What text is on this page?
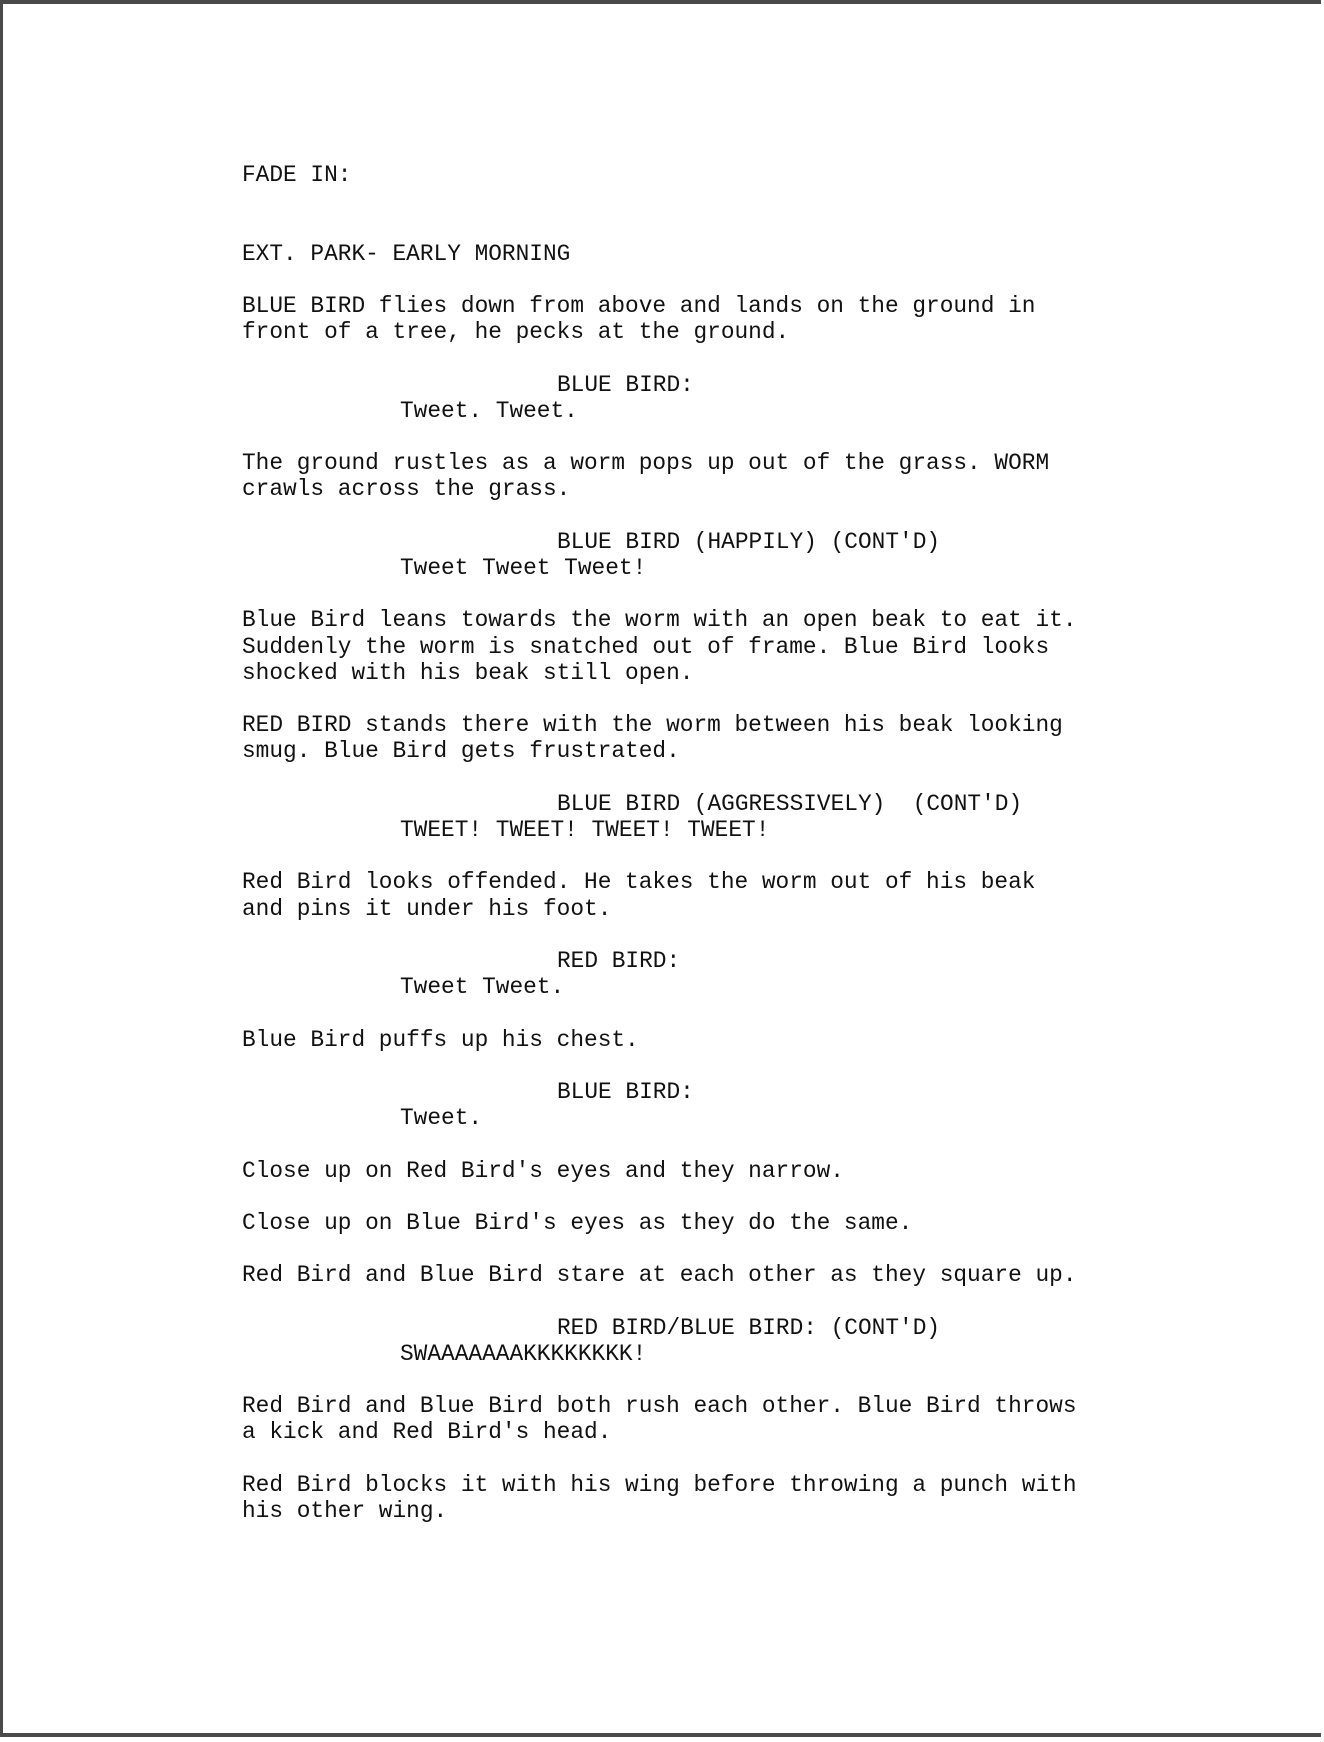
FADE IN:
EXT. PARK- EARLY MORNING
BLUE BIRD flies down from above and lands on the ground in
front of a tree, he pecks at the ground.
BLUE BIRD:
Tweet. Tweet.
The ground rustles as a worm pops up out of the grass. WORM
crawls across the grass.
BLUE BIRD (HAPPILY) (CONT'D)
Tweet Tweet Tweet!
Blue Bird leans towards the worm with an open beak to eat it.
Suddenly the worm is snatched out of frame. Blue Bird looks
shocked with his beak still open.
RED BIRD stands there with the worm between his beak looking
smug. Blue Bird gets frustrated.
BLUE BIRD (AGGRESSIVELY)  (CONT'D)
TWEET! TWEET! TWEET! TWEET!
Red Bird looks offended. He takes the worm out of his beak
and pins it under his foot.
RED BIRD:
Tweet Tweet.
Blue Bird puffs up his chest.
BLUE BIRD:
Tweet.
Close up on Red Bird's eyes and they narrow.
Close up on Blue Bird's eyes as they do the same.
Red Bird and Blue Bird stare at each other as they square up.
RED BIRD/BLUE BIRD: (CONT'D)
SWAAAAAAAKKKKKKKK!
Red Bird and Blue Bird both rush each other. Blue Bird throws
a kick and Red Bird's head.
Red Bird blocks it with his wing before throwing a punch with
his other wing.
